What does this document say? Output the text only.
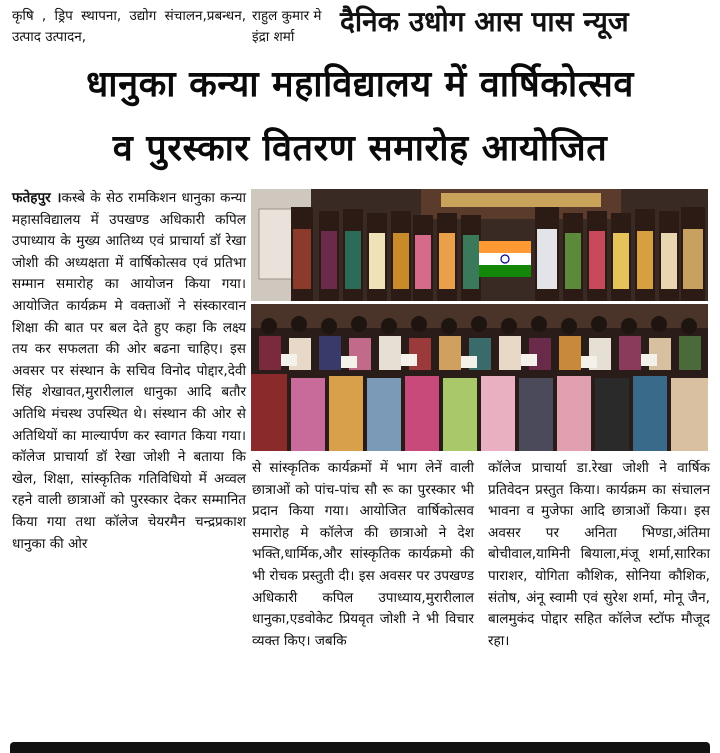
कृषि , ड्रिप स्थापना, उद्योग संचालन,प्रबन्धन, उत्पाद उत्पादन,
राहुल कुमार मे इंद्रा शर्मा	दैनिक उधोग आस पास न्यूज
धानुका कन्या महाविद्यालय में वार्षिकोत्सव
व पुरस्कार वितरण समारोह आयोजित
फतेहपुर ।कस्बे के सेठ रामकिशन धानुका कन्या महासविद्यालय में उपखण्ड अधिकारी कपिल उपाध्याय के मुख्य आतिथ्य एवं प्राचार्या डॉ रेखा जोशी की अध्यक्षता में वार्षिकोत्सव एवं प्रतिभा सम्मान समारोह का आयोजन किया गया। आयोजित कार्यक्रम मे वक्ताओं ने संस्कारवान शिक्षा की बात पर बल देते हुए कहा कि लक्ष्य तय कर सफलता की ओर बढना चाहिए। इस अवसर पर संस्थान के सचिव विनोद पोद्दार,देवी सिंह शेखावत,मुरारीलाल धानुका आदि बतौर अतिथि मंचस्थ उपस्थित थे। संस्थान की ओर से अतिथियों का माल्यार्पण कर स्वागत किया गया। कॉलेज प्राचार्या डॉ रेखा जोशी ने बताया कि खेल, शिक्षा, सांस्कृतिक गतिविधियो में अव्वल रहने वाली छात्राओं को पुरस्कार देकर सम्मानित किया गया तथा कॉलेज चेयरमैन चन्द्रप्रकाश धानुका की ओर
से सांस्कृतिक कार्यक्रमों में भाग लेनें वाली छात्राओं को पांच-पांच सौ रू का पुरस्कार भी प्रदान किया गया। आयोजित वार्षिकोत्सव समारोह मे कॉलेज की छात्राओ ने देश भक्ति,धार्मिक,और सांस्कृतिक कार्यक्रमो की भी रोचक प्रस्तुती दी। इस अवसर पर उपखण्ड अधिकारी कपिल उपाध्याय,मुरारीलाल धानुका,एडवोकेट प्रियवृत जोशी ने भी विचार व्यक्त किए। जबकि
कॉलेज प्राचार्या डा.रेखा जोशी ने वार्षिक प्रतिवेदन प्रस्तुत किया। कार्यक्रम का संचालन भावना व मुजेफा आदि छात्राओं किया। इस अवसर पर अनिता भिण्डा,अंतिमा बोचीवाल,यामिनी बियाला,मंजू शर्मा,सारिका पाराशर, योगिता कौशिक, सोनिया कौशिक, संतोष, अंनू स्वामी एवं सुरेश शर्मा, मोनू जैन, बालमुकंद पोद्दार सहित कॉलेज स्टॉफ मौजूद रहा।
